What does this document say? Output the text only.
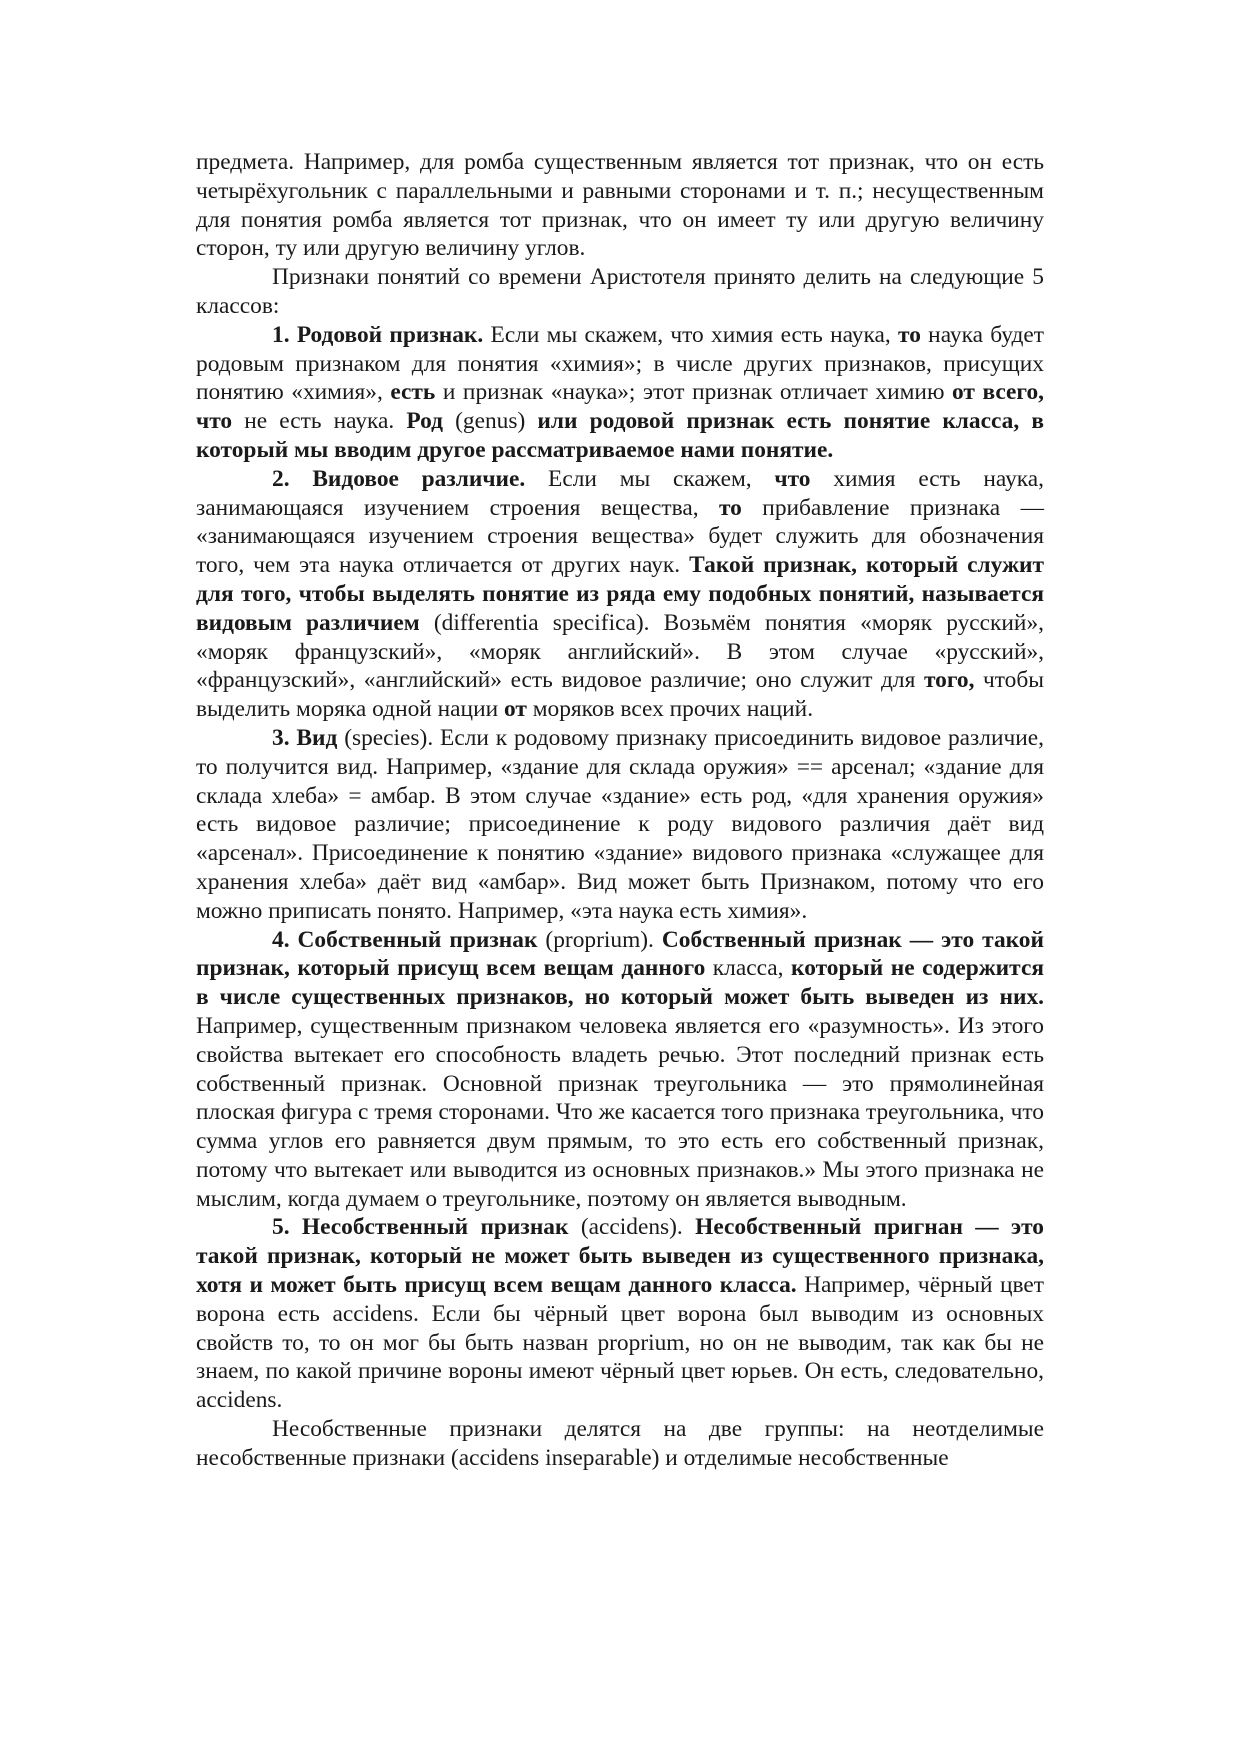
предмета. Например, для ромба существенным является тот признак, что он есть четырёхугольник с параллельными и равными сторонами и т. п.; несущественным для понятия ромба является тот признак, что он имеет ту или другую величину сторон, ту или другую величину углов.

Признаки понятий со времени Аристотеля принято делить на следующие 5 классов:

1. Родовой признак. Если мы скажем, что химия есть наука, то наука будет родовым признаком для понятия «химия»; в числе других признаков, присущих понятию «химия», есть и признак «наука»; этот признак отличает химию от всего, что не есть наука. Род (genus) или родовой признак есть понятие класса, в который мы вводим другое рассматриваемое нами понятие.

2. Видовое различие. Если мы скажем, что химия есть наука, занимающаяся изучением строения вещества, то прибавление признака — «занимающаяся изучением строения вещества» будет служить для обозначения того, чем эта наука отличается от других наук. Такой признак, который служит для того, чтобы выделять понятие из ряда ему подобных понятий, называется видовым различием (differentia specifica). Возьмём понятия «моряк русский», «моряк французский», «моряк английский». В этом случае «русский», «французский», «английский» есть видовое различие; оно служит для того, чтобы выделить моряка одной нации от моряков всех прочих наций.

3. Вид (species). Если к родовому признаку присоединить видовое различие, то получится вид. Например, «здание для склада оружия» == арсенал; «здание для склада хлеба» = амбар. В этом случае «здание» есть род, «для хранения оружия» есть видовое различие; присоединение к роду видового различия даёт вид «арсенал». Присоединение к понятию «здание» видового признака «служащее для хранения хлеба» даёт вид «амбар». Вид может быть Признаком, потому что его можно приписать понято. Например, «эта наука есть химия».

4. Собственный признак (proprium). Собственный признак — это такой признак, который присущ всем вещам данного класса, который не содержится в числе существенных признаков, но который может быть выведен из них. Например, существенным признаком человека является его «разумность». Из этого свойства вытекает его способность владеть речью. Этот последний признак есть собственный признак. Основной признак треугольника — это прямолинейная плоская фигура с тремя сторонами. Что же касается того признака треугольника, что сумма углов его равняется двум прямым, то это есть его собственный признак, потому что вытекает или выводится из основных признаков.» Мы этого признака не мыслим, когда думаем о треугольнике, поэтому он является выводным.

5. Несобственный признак (accidens). Несобственный пригнан — это такой признак, который не может быть выведен из существенного признака, хотя и может быть присущ всем вещам данного класса. Например, чёрный цвет ворона есть accidens. Если бы чёрный цвет ворона был выводим из основных свойств то, то он мог бы быть назван proprium, но он не выводим, так как бы не знаем, по какой причине вороны имеют чёрный цвет юрьев. Он есть, следовательно, accidens.

Несобственные признаки делятся на две группы: на неотделимые несобственные признаки (accidens inseparable) и отделимые несобственные
